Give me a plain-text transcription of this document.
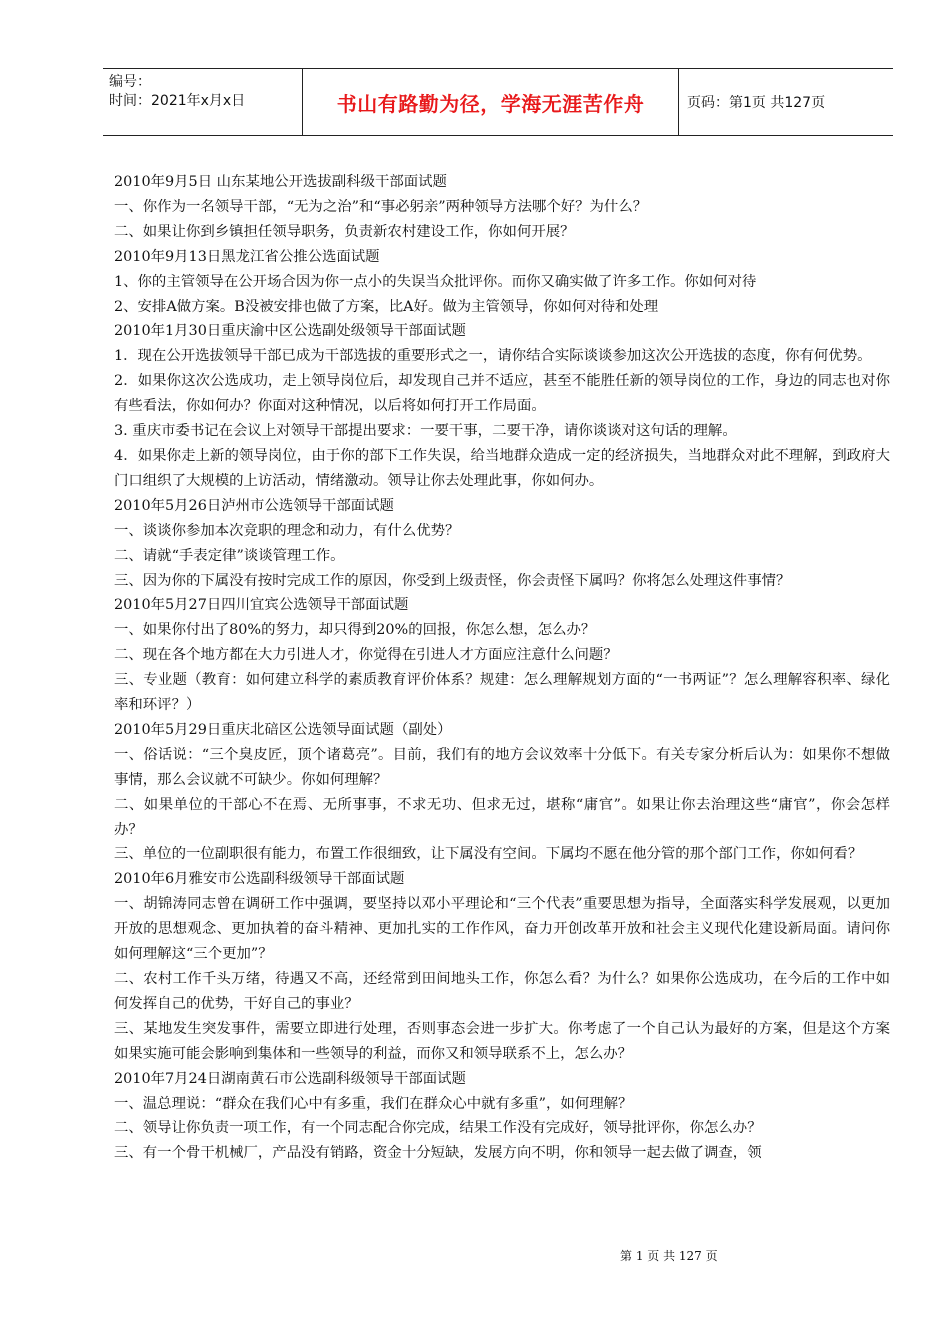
编号：
时间：2021年x月x日	书山有路勤为径，学海无涯苦作舟	页码：第1页 共127页

2010年9月5日 山东某地公开选拔副科级干部面试题

一、你作为一名领导干部，“无为之治”和“事必躬亲”两种领导方法哪个好？为什么？

二、如果让你到乡镇担任领导职务，负责新农村建设工作，你如何开展？

2010年9月13日黑龙江省公推公选面试题

1、你的主管领导在公开场合因为你一点小的失误当众批评你。而你又确实做了许多工作。你如何对待

2、安排A做方案。B没被安排也做了方案，比A好。做为主管领导，你如何对待和处理

2010年1月30日重庆渝中区公选副处级领导干部面试题

1．现在公开选拔领导干部已成为干部选拔的重要形式之一，请你结合实际谈谈参加这次公开选拔的态度，你有何优势。

2．如果你这次公选成功，走上领导岗位后，却发现自己并不适应，甚至不能胜任新的领导岗位的工作，身边的同志也对你有些看法，你如何办？你面对这种情况，以后将如何打开工作局面。

3. 重庆市委书记在会议上对领导干部提出要求：一要干事，二要干净，请你谈谈对这句话的理解。

4．如果你走上新的领导岗位，由于你的部下工作失误，给当地群众造成一定的经济损失，当地群众对此不理解，到政府大门口组织了大规模的上访活动，情绪激动。领导让你去处理此事，你如何办。

2010年5月26日泸州市公选领导干部面试题

一、谈谈你参加本次竞职的理念和动力，有什么优势？

二、请就“手表定律”谈谈管理工作。

三、因为你的下属没有按时完成工作的原因，你受到上级责怪，你会责怪下属吗？你将怎么处理这件事情？

2010年5月27日四川宜宾公选领导干部面试题

一、如果你付出了80%的努力，却只得到20%的回报，你怎么想，怎么办？

二、现在各个地方都在大力引进人才，你觉得在引进人才方面应注意什么问题？

三、专业题（教育：如何建立科学的素质教育评价体系？规建：怎么理解规划方面的“一书两证”？怎么理解容积率、绿化率和环评？）

2010年5月29日重庆北碚区公选领导面试题（副处）

一、俗话说：“三个臭皮匠，顶个诸葛亮”。目前，我们有的地方会议效率十分低下。有关专家分析后认为：如果你不想做事情，那么会议就不可缺少。你如何理解？

二、如果单位的干部心不在焉、无所事事，不求无功、但求无过，堪称“庸官”。如果让你去治理这些“庸官”，你会怎样办？

三、单位的一位副职很有能力，布置工作很细致，让下属没有空间。下属均不愿在他分管的那个部门工作，你如何看？

2010年6月雅安市公选副科级领导干部面试题

一、胡锦涛同志曾在调研工作中强调，要坚持以邓小平理论和“三个代表”重要思想为指导，全面落实科学发展观，以更加开放的思想观念、更加执着的奋斗精神、更加扎实的工作作风，奋力开创改革开放和社会主义现代化建设新局面。请问你如何理解这“三个更加”？

二、农村工作千头万绪，待遇又不高，还经常到田间地头工作，你怎么看？为什么？如果你公选成功，在今后的工作中如何发挥自己的优势，干好自己的事业？

三、某地发生突发事件，需要立即进行处理，否则事态会进一步扩大。你考虑了一个自己认为最好的方案，但是这个方案如果实施可能会影响到集体和一些领导的利益，而你又和领导联系不上，怎么办？

2010年7月24日湖南黄石市公选副科级领导干部面试题

一、温总理说：“群众在我们心中有多重，我们在群众心中就有多重”，如何理解？

二、领导让你负责一项工作，有一个同志配合你完成，结果工作没有完成好，领导批评你，你怎么办？

三、有一个骨干机械厂，产品没有销路，资金十分短缺，发展方向不明，你和领导一起去做了调查，领

第 1 页 共 127 页
